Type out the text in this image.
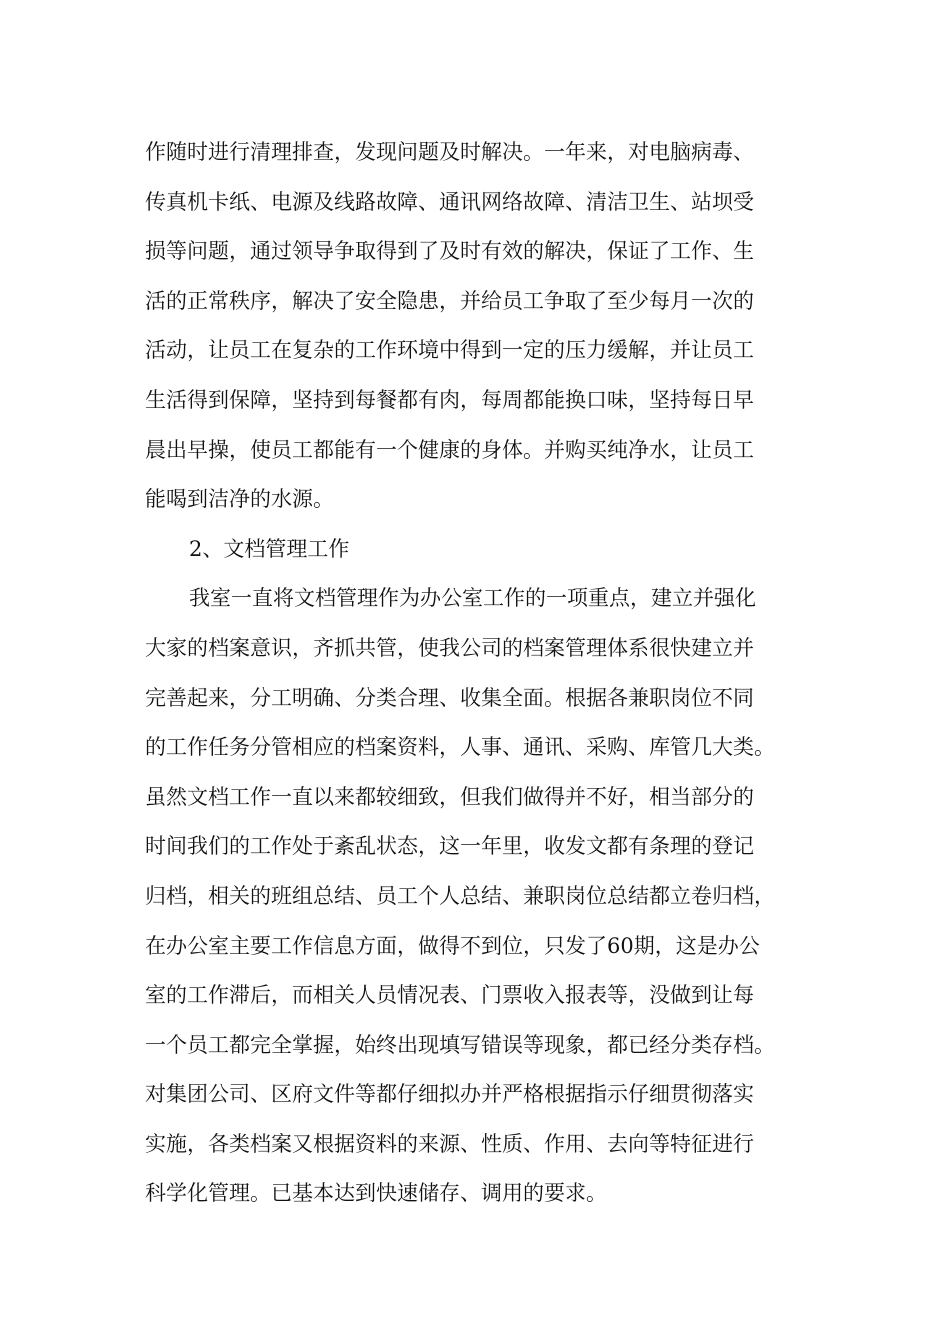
作随时进行清理排查，发现问题及时解决。一年来，对电脑病毒、
传真机卡纸、电源及线路故障、通讯网络故障、清洁卫生、站坝受
损等问题，通过领导争取得到了及时有效的解决，保证了工作、生
活的正常秩序，解决了安全隐患，并给员工争取了至少每月一次的
活动，让员工在复杂的工作环境中得到一定的压力缓解，并让员工
生活得到保障，坚持到每餐都有肉，每周都能换口味，坚持每日早
晨出早操，使员工都能有一个健康的身体。并购买纯净水，让员工
能喝到洁净的水源。
2、文档管理工作
我室一直将文档管理作为办公室工作的一项重点，建立并强化
大家的档案意识，齐抓共管，使我公司的档案管理体系很快建立并
完善起来，分工明确、分类合理、收集全面。根据各兼职岗位不同
的工作任务分管相应的档案资料，人事、通讯、采购、库管几大类。
虽然文档工作一直以来都较细致，但我们做得并不好，相当部分的
时间我们的工作处于紊乱状态，这一年里，收发文都有条理的登记
归档，相关的班组总结、员工个人总结、兼职岗位总结都立卷归档，
在办公室主要工作信息方面，做得不到位，只发了60期，这是办公
室的工作滞后，而相关人员情况表、门票收入报表等，没做到让每
一个员工都完全掌握，始终出现填写错误等现象，都已经分类存档。
对集团公司、区府文件等都仔细拟办并严格根据指示仔细贯彻落实
实施，各类档案又根据资料的来源、性质、作用、去向等特征进行
科学化管理。已基本达到快速储存、调用的要求。
